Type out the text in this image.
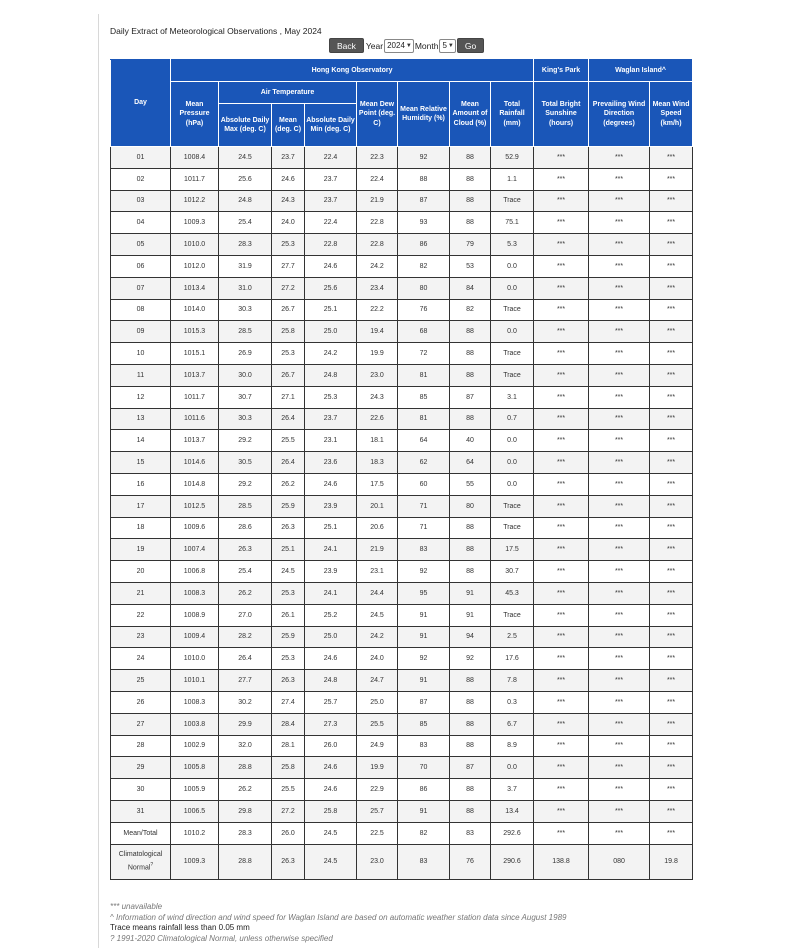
Daily Extract of Meteorological Observations , May 2024
Back	Year 2024 ▼ Month 5 ▼	Go
Day	Hong Kong Observatory								King's Park	Waglan Island^	
	Mean Pressure (hPa)	Air Temperature			Mean Dew Point (deg. C)	Mean Relative Humidity (%)	Mean Amount of Cloud (%)	Total Rainfall (mm)	Total Bright Sunshine (hours)	Prevailing Wind Direction (degrees)	Mean Wind Speed (km/h)
		Absolute Daily Max (deg. C)	Mean (deg. C)	Absolute Daily Min (deg. C)							
01	1008.4	24.5	23.7	22.4	22.3	92	88	52.9	***	***	***
02	1011.7	25.6	24.6	23.7	22.4	88	88	1.1	***	***	***
03	1012.2	24.8	24.3	23.7	21.9	87	88	Trace	***	***	***
04	1009.3	25.4	24.0	22.4	22.8	93	88	75.1	***	***	***
05	1010.0	28.3	25.3	22.8	22.8	86	79	5.3	***	***	***
06	1012.0	31.9	27.7	24.6	24.2	82	53	0.0	***	***	***
07	1013.4	31.0	27.2	25.6	23.4	80	84	0.0	***	***	***
08	1014.0	30.3	26.7	25.1	22.2	76	82	Trace	***	***	***
09	1015.3	28.5	25.8	25.0	19.4	68	88	0.0	***	***	***
10	1015.1	26.9	25.3	24.2	19.9	72	88	Trace	***	***	***
11	1013.7	30.0	26.7	24.8	23.0	81	88	Trace	***	***	***
12	1011.7	30.7	27.1	25.3	24.3	85	87	3.1	***	***	***
13	1011.6	30.3	26.4	23.7	22.6	81	88	0.7	***	***	***
14	1013.7	29.2	25.5	23.1	18.1	64	40	0.0	***	***	***
15	1014.6	30.5	26.4	23.6	18.3	62	64	0.0	***	***	***
16	1014.8	29.2	26.2	24.6	17.5	60	55	0.0	***	***	***
17	1012.5	28.5	25.9	23.9	20.1	71	80	Trace	***	***	***
18	1009.6	28.6	26.3	25.1	20.6	71	88	Trace	***	***	***
19	1007.4	26.3	25.1	24.1	21.9	83	88	17.5	***	***	***
20	1006.8	25.4	24.5	23.9	23.1	92	88	30.7	***	***	***
21	1008.3	26.2	25.3	24.1	24.4	95	91	45.3	***	***	***
22	1008.9	27.0	26.1	25.2	24.5	91	91	Trace	***	***	***
23	1009.4	28.2	25.9	25.0	24.2	91	94	2.5	***	***	***
24	1010.0	26.4	25.3	24.6	24.0	92	92	17.6	***	***	***
25	1010.1	27.7	26.3	24.8	24.7	91	88	7.8	***	***	***
26	1008.3	30.2	27.4	25.7	25.0	87	88	0.3	***	***	***
27	1003.8	29.9	28.4	27.3	25.5	85	88	6.7	***	***	***
28	1002.9	32.0	28.1	26.0	24.9	83	88	8.9	***	***	***
29	1005.8	28.8	25.8	24.6	19.9	70	87	0.0	***	***	***
30	1005.9	26.2	25.5	24.6	22.9	86	88	3.7	***	***	***
31	1006.5	29.8	27.2	25.8	25.7	91	88	13.4	***	***	***
Mean/Total	1010.2	28.3	26.0	24.5	22.5	82	83	292.6	***	***	***
Climatological Normal?	1009.3	28.8	26.3	24.5	23.0	83	76	290.6	138.8	080	19.8
*** unavailable
^ Information of wind direction and wind speed for Waglan Island are based on automatic weather station data since August 1989
Trace means rainfall less than 0.05 mm
? 1991-2020 Climatological Normal, unless otherwise specified
